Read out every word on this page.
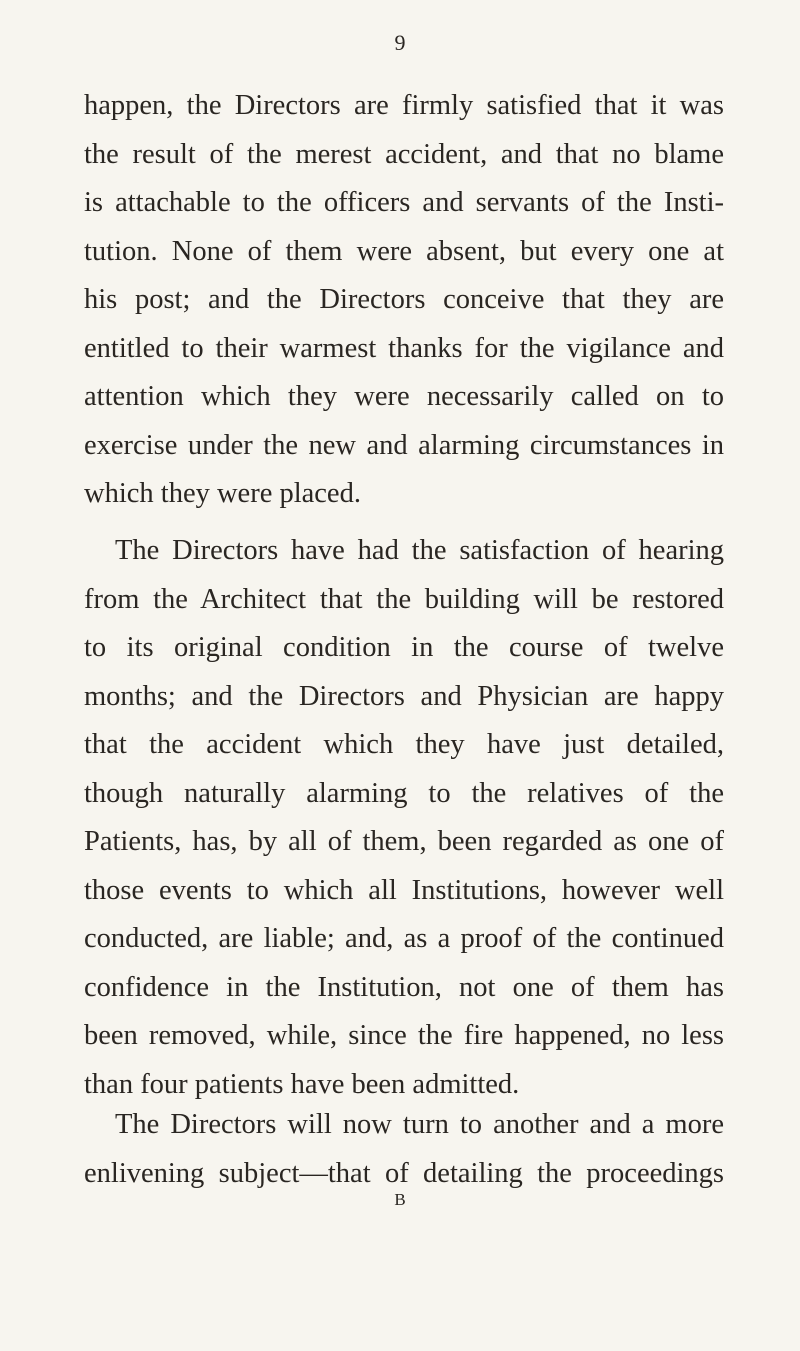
9
happen, the Directors are firmly satisfied that it was
the result of the merest accident, and that no blame
is attachable to the officers and servants of the Insti-
tution. None of them were absent, but every one at
his post; and the Directors conceive that they are
entitled to their warmest thanks for the vigilance and
attention which they were necessarily called on to
exercise under the new and alarming circumstances in
which they were placed.
The Directors have had the satisfaction of hearing
from the Architect that the building will be restored
to its original condition in the course of twelve
months; and the Directors and Physician are happy
that the accident which they have just detailed,
though naturally alarming to the relatives of the
Patients, has, by all of them, been regarded as one of
those events to which all Institutions, however well
conducted, are liable; and, as a proof of the continued
confidence in the Institution, not one of them has
been removed, while, since the fire happened, no less
than four patients have been admitted.
The Directors will now turn to another and a more
enlivening subject—that of detailing the proceedings
B
